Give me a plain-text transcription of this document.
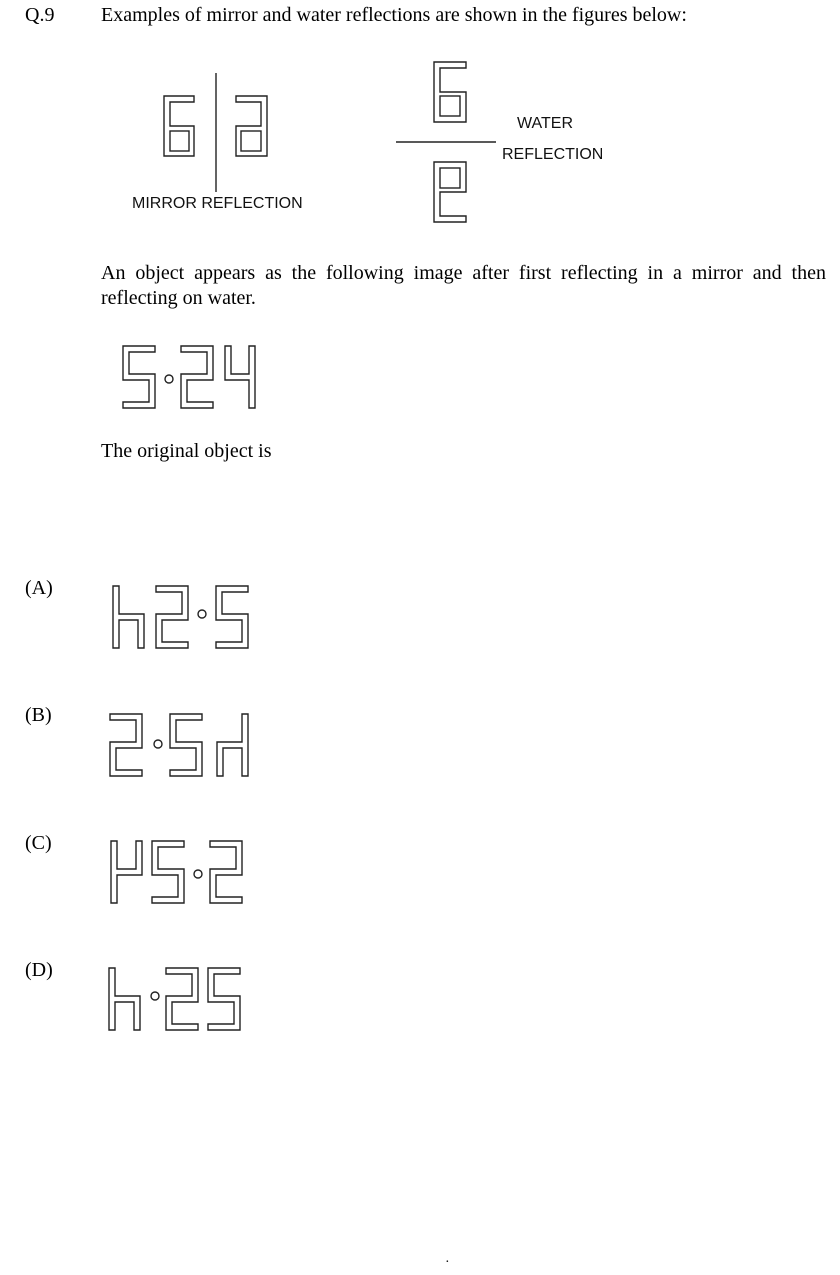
Q.9 Examples of mirror and water reflections are shown in the figures below:
MIRROR REFLECTION
WATER
REFLECTION
An object appears as the following image after first reflecting in a mirror and then reflecting on water.
The original object is
(A)
(B)
(C)
(D)
·
